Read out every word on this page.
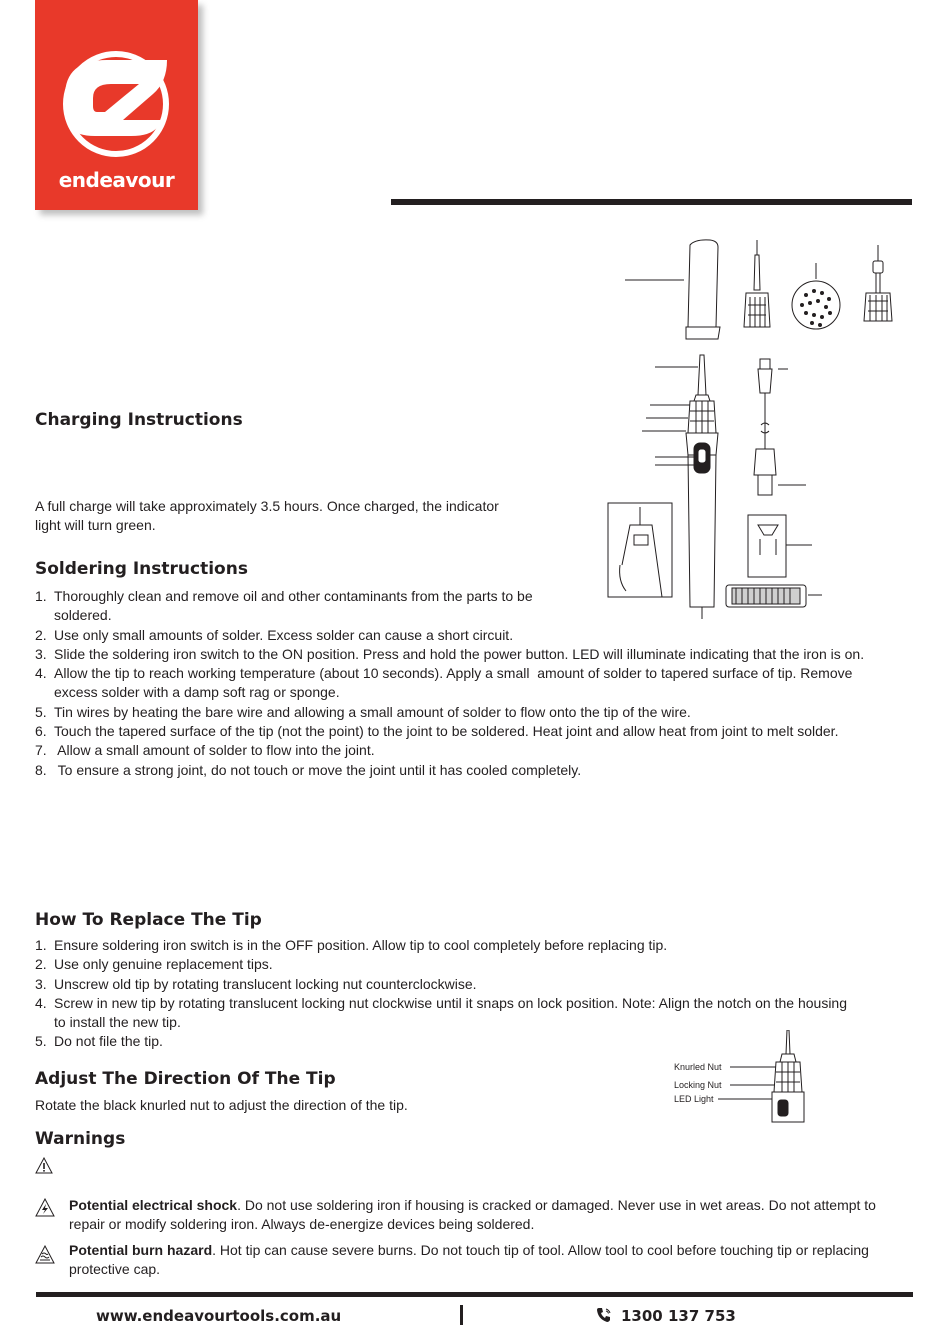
endeavour
Charging Instructions
A full charge will take approximately 3.5 hours. Once charged, the indicator
light will turn green.
Soldering Instructions
1. Thoroughly clean and remove oil and other contaminants from the parts to be
soldered.
2. Use only small amounts of solder. Excess solder can cause a short circuit.
3. Slide the soldering iron switch to the ON position. Press and hold the power button. LED will illuminate indicating that the iron is on.
4. Allow the tip to reach working temperature (about 10 seconds). Apply a small  amount of solder to tapered surface of tip. Remove
excess solder with a damp soft rag or sponge.
5. Tin wires by heating the bare wire and allowing a small amount of solder to flow onto the tip of the wire.
6. Touch the tapered surface of the tip (not the point) to the joint to be soldered. Heat joint and allow heat from joint to melt solder.
7. Allow a small amount of solder to flow into the joint.
8. To ensure a strong joint, do not touch or move the joint until it has cooled completely.
How To Replace The Tip
1. Ensure soldering iron switch is in the OFF position. Allow tip to cool completely before replacing tip.
2. Use only genuine replacement tips.
3. Unscrew old tip by rotating translucent locking nut counterclockwise.
4. Screw in new tip by rotating translucent locking nut clockwise until it snaps on lock position. Note: Align the notch on the housing
to install the new tip.
5. Do not file the tip.
Adjust The Direction Of The Tip
Rotate the black knurled nut to adjust the direction of the tip.
Knurled Nut
Locking Nut
LED Light
Warnings
Potential electrical shock. Do not use soldering iron if housing is cracked or damaged. Never use in wet areas. Do not attempt to
repair or modify soldering iron. Always de-energize devices being soldered.
Potential burn hazard. Hot tip can cause severe burns. Do not touch tip of tool. Allow tool to cool before touching tip or replacing
protective cap.
www.endeavourtools.com.au	1300 137 753
